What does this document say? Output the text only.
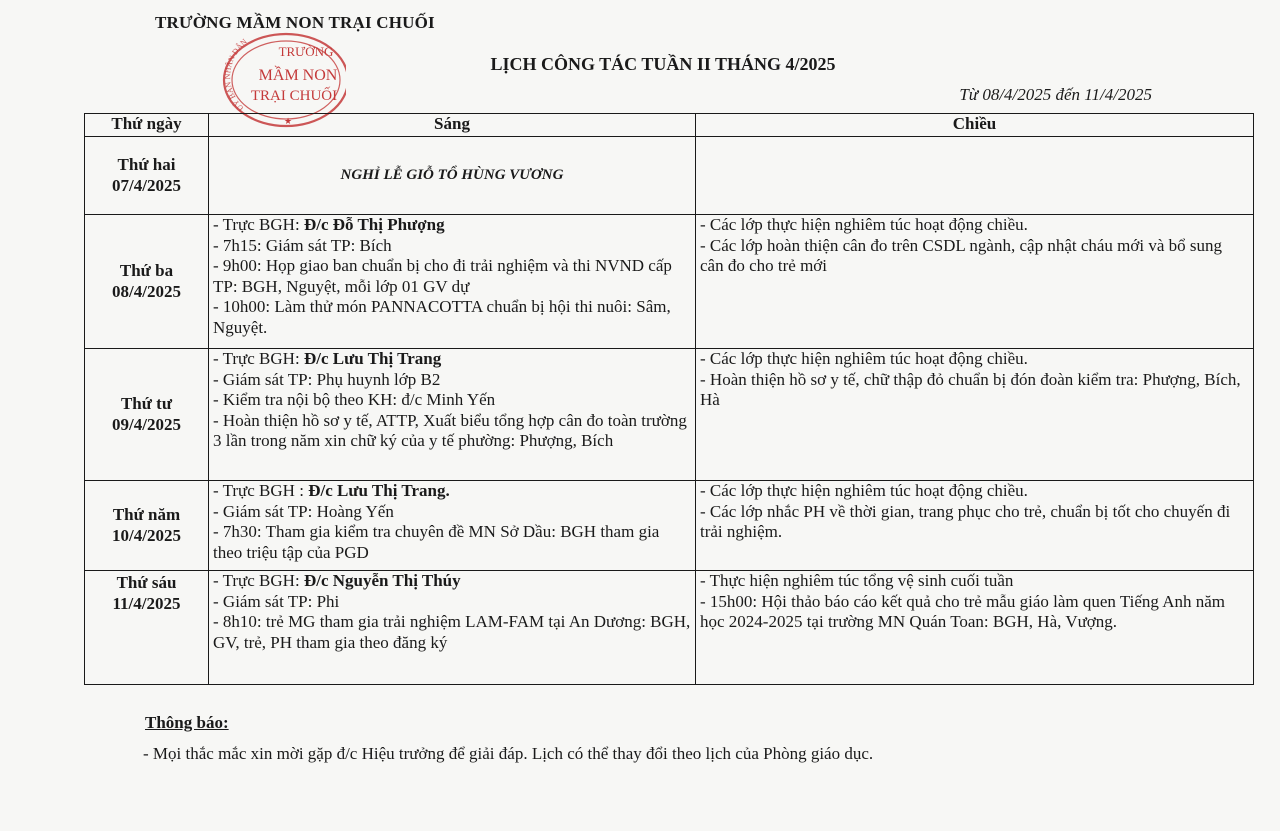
TRƯỜNG MẦM NON TRẠI CHUỐI
UỶ BAN NHÂN DÂN
TRƯỜNG
MẦM NON
TRẠI CHUỐI
★
LỊCH CÔNG TÁC TUẦN II THÁNG 4/2025
Từ 08/4/2025 đến 11/4/2025
Thứ ngày	Sáng	Chiều

Thứ hai
07/4/2025	NGHỈ LỄ GIỖ TỔ HÙNG VƯƠNG	

Thứ ba
08/4/2025	- Trực BGH: Đ/c Đỗ Thị Phượng
- 7h15: Giám sát TP: Bích
- 9h00: Họp giao ban chuẩn bị cho đi trải nghiệm và thi NVND cấp TP: BGH, Nguyệt, mỗi lớp 01 GV dự
- 10h00: Làm thử món PANNACOTTA chuẩn bị hội thi nuôi: Sâm, Nguyệt.	- Các lớp thực hiện nghiêm túc hoạt động chiều.
- Các lớp hoàn thiện cân đo trên CSDL ngành, cập nhật cháu mới và bổ sung cân đo cho trẻ mới

Thứ tư
09/4/2025	- Trực BGH: Đ/c Lưu Thị Trang
- Giám sát TP: Phụ huynh lớp B2
- Kiểm tra nội bộ theo KH: đ/c Minh Yến
- Hoàn thiện hồ sơ y tế, ATTP, Xuất biểu tổng hợp cân đo toàn trường 3 lần trong năm xin chữ ký của y tế phường: Phượng, Bích	- Các lớp thực hiện nghiêm túc hoạt động chiều.
- Hoàn thiện hồ sơ y tế, chữ thập đỏ chuẩn bị đón đoàn kiểm tra: Phượng, Bích, Hà

Thứ năm
10/4/2025	- Trực BGH : Đ/c Lưu Thị Trang.
- Giám sát TP: Hoàng Yến
- 7h30: Tham gia kiểm tra chuyên đề MN Sở Dầu: BGH tham gia theo triệu tập của PGD	- Các lớp thực hiện nghiêm túc hoạt động chiều.
- Các lớp nhắc PH về thời gian, trang phục cho trẻ, chuẩn bị tốt cho chuyến đi trải nghiệm.

Thứ sáu
11/4/2025	- Trực BGH: Đ/c Nguyễn Thị Thúy
- Giám sát TP: Phi
- 8h10: trẻ MG tham gia trải nghiệm LAM-FAM tại An Dương: BGH, GV, trẻ, PH tham gia theo đăng ký	- Thực hiện nghiêm túc tổng vệ sinh cuối tuần
- 15h00: Hội thảo báo cáo kết quả cho trẻ mẫu giáo làm quen Tiếng Anh năm học 2024-2025 tại trường MN Quán Toan: BGH, Hà, Vượng.
Thông báo:
- Mọi thắc mắc xin mời gặp đ/c Hiệu trưởng để giải đáp. Lịch có thể thay đổi theo lịch của Phòng giáo dục.
